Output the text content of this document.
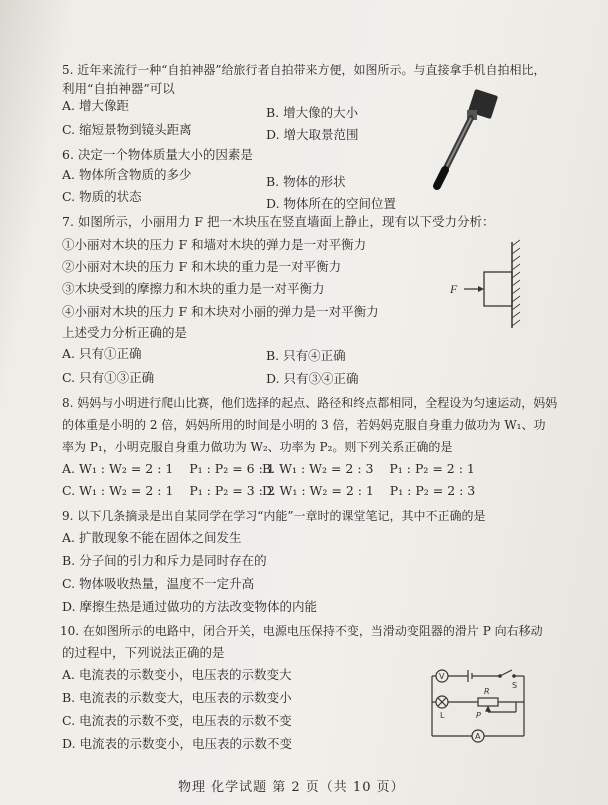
5. 近年来流行一种“自拍神器”给旅行者自拍带来方便，如图所示。与直接拿手机自拍相比，
利用“自拍神器”可以
A. 增大像距	B. 增大像的大小
C. 缩短景物到镜头距离	D. 增大取景范围
6. 决定一个物体质量大小的因素是
A. 物体所含物质的多少	B. 物体的形状
C. 物质的状态	D. 物体所在的空间位置
7. 如图所示，小丽用力 F 把一木块压在竖直墙面上静止，现有以下受力分析：
①小丽对木块的压力 F 和墙对木块的弹力是一对平衡力
②小丽对木块的压力 F 和木块的重力是一对平衡力
③木块受到的摩擦力和木块的重力是一对平衡力
④小丽对木块的压力 F 和木块对小丽的弹力是一对平衡力
上述受力分析正确的是
A. 只有①正确	B. 只有④正确
C. 只有①③正确	D. 只有③④正确
F
8. 妈妈与小明进行爬山比赛，他们选择的起点、路径和终点都相同，全程设为匀速运动，妈妈
的体重是小明的 2 倍，妈妈所用的时间是小明的 3 倍，若妈妈克服自身重力做功为 W₁、功
率为 P₁，小明克服自身重力做功为 W₂、功率为 P₂。则下列关系正确的是
A. W₁ : W₂ = 2 : 1    P₁ : P₂ = 6 : 1
B. W₁ : W₂ = 2 : 3    P₁ : P₂ = 2 : 1
C. W₁ : W₂ = 2 : 1    P₁ : P₂ = 3 : 2
D. W₁ : W₂ = 2 : 1    P₁ : P₂ = 2 : 3
9. 以下几条摘录是出自某同学在学习“内能”一章时的课堂笔记，其中不正确的是
A. 扩散现象不能在固体之间发生
B. 分子间的引力和斥力是同时存在的
C. 物体吸收热量，温度不一定升高
D. 摩擦生热是通过做功的方法改变物体的内能
10. 在如图所示的电路中，闭合开关，电源电压保持不变，当滑动变阻器的滑片 P 向右移动
的过程中，下列说法正确的是
A. 电流表的示数变小，电压表的示数变大
B. 电流表的示数变大，电压表的示数变小
C. 电流表的示数不变，电压表的示数不变
D. 电流表的示数变小，电压表的示数不变
V
S
R
L	P
A
物理 化学试题 第 2 页（共 10 页）
